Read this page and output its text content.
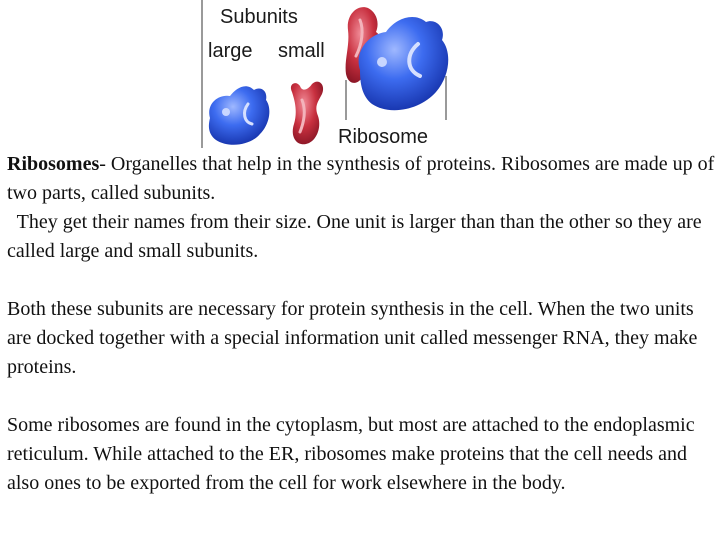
Subunits
large small
Ribosome

Ribosomes- Organelles that help in the synthesis of proteins. Ribosomes are made up of two parts, called subunits.
They get their names from their size. One unit is larger than than the other so they are called large and small subunits.

Both these subunits are necessary for protein synthesis in the cell. When the two units are docked together with a special information unit called messenger RNA, they make proteins.

Some ribosomes are found in the cytoplasm, but most are attached to the endoplasmic reticulum. While attached to the ER, ribosomes make proteins that the cell needs and also ones to be exported from the cell for work elsewhere in the body.
